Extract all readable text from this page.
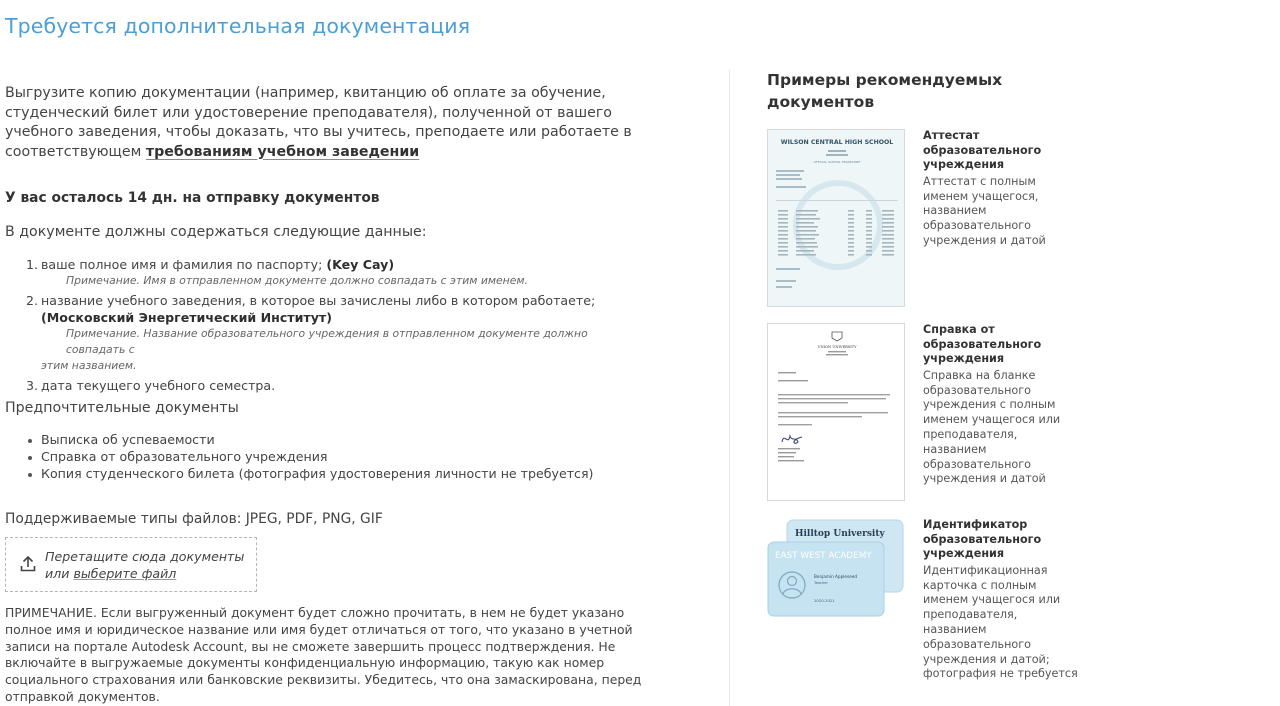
Требуется дополнительная документация

Выгрузите копию документации (например, квитанцию об оплате за обучение, студенческий билет или удостоверение преподавателя), полученной от вашего учебного заведения, чтобы доказать, что вы учитесь, преподаете или работаете в соответствующем требованиям учебном заведении

У вас осталось 14 дн. на отправку документов
В документе должны содержаться следующие данные:
1. ваше полное имя и фамилия по паспорту; (Key Cay)
Примечание. Имя в отправленном документе должно совпадать с этим именем.
2. название учебного заведения, в которое вы зачислены либо в котором работаете;
(Московский Энергетический Институт)
Примечание. Название образовательного учреждения в отправленном документе должно совпадать с
этим названием.
3. дата текущего учебного семестра.
Предпочтительные документы
Выписка об успеваемости
Справка от образовательного учреждения
Копия студенческого билета (фотография удостоверения личности не требуется)
Поддерживаемые типы файлов: JPEG, PDF, PNG, GIF
Перетащите сюда документы
или выберите файл

ПРИМЕЧАНИЕ. Если выгруженный документ будет сложно прочитать, в нем не будет указано полное имя и юридическое название или имя будет отличаться от того, что указано в учетной записи на портале Autodesk Account, вы не сможете завершить процесс подтверждения. Не включайте в выгружаемые документы конфиденциальную информацию, такую как номер социального страхования или банковские реквизиты. Убедитесь, что она замаскирована, перед отправкой документов.

Примеры рекомендуемых документов
WILSON CENTRAL HIGH SCHOOL
OFFICIAL SCHOOL TRANSCRIPT
Аттестат образовательного учреждения
Аттестат с полным именем учащегося, названием образовательного учреждения и датой
UNION UNIVERSITY
Справка от образовательного учреждения
Справка на бланке образовательного учреждения с полным именем учащегося или преподавателя, названием образовательного учреждения и датой
Hilltop University
EAST WEST ACADEMY
Benjamin Appleseed
Teacher
2020-2021
Идентификатор образовательного учреждения
Идентификационная карточка с полным именем учащегося или преподавателя, названием образовательного учреждения и датой; фотография не требуется
